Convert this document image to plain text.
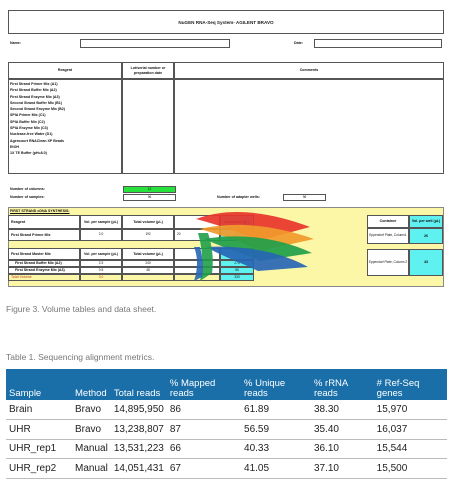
NuGEN RNA-Seq System- AGILENT BRAVO
Name:	Date:
Reagent
Lot/serial number or preparation date
Comments
First Strand Primer Mix (A1)
First Strand Buffer Mix (A2)
First Strand Enzyme Mix (A3)
Second Strand Buffer Mix (B1)
Second Strand Enzyme Mix (B2)
SPIA Primer Mix (C1)
SPIA Buffer Mix (C2)
SPIA Enzyme Mix (C3)
Nuclease-free Water (D1)
Agencourt RNAClean XP Beads
EtOH
1X TE Buffer (pH=8.0)
Number of columns:	12
Number of samples:	96	Number of adapter wells:	96
FIRST STRAND cDNA SYNTHESIS:
Reagent	Vol. per sample (µL)	Total volume (µL)
First Strand Primer Mix	2.0	192	20
First Strand Master Mix	Vol. per sample (µL)	Total volume (µL)
First Strand Buffer Mix (A2)	2.5	240	275
First Strand Enzyme Mix (A3)	0.5	48	55
Total Volume	3.0	333
Container	Vol. per well (µL)
Eppendorf Plate, Column1	26
Eppendorf Plate, Column 2	43
Figure 3. Volume tables and data sheet.
Table 1. Sequencing alignment metrics.
Sample	Method	Total reads	% Mapped reads	% Unique reads	% rRNA reads	# Ref-Seq genes
Brain	Bravo	14,895,950	86	61.89	38.30	15,970
UHR	Bravo	13,238,807	87	56.59	35.40	16,037
UHR_rep1	Manual	13,531,223	66	40.33	36.10	15,544
UHR_rep2	Manual	14,051,431	67	41.05	37.10	15,500
